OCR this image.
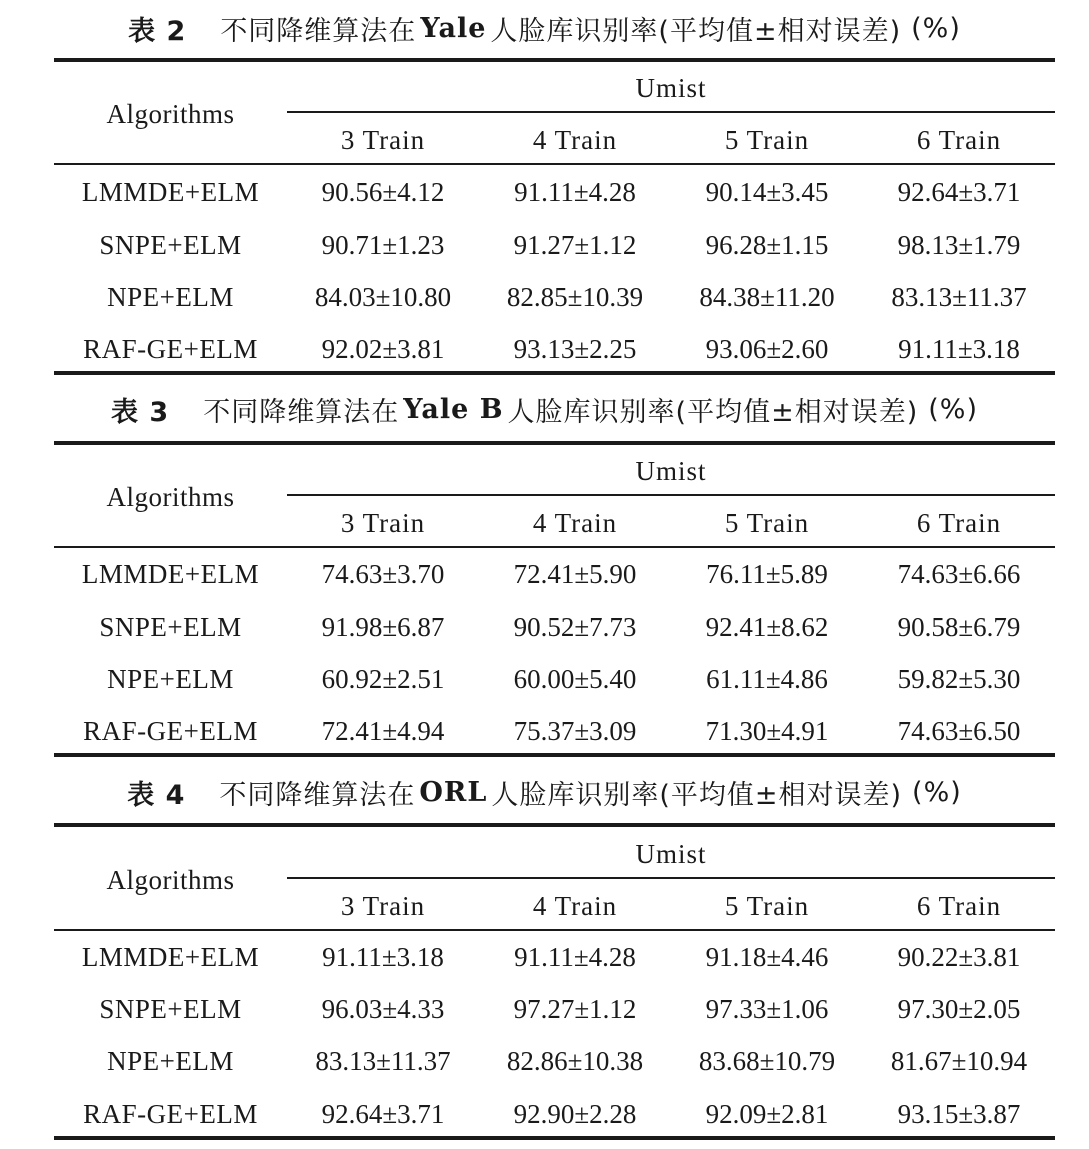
表 2 不同降维算法在 Yale 人脸库识别率(平均值±相对误差) (%)
Algorithms
Umist
3 Train	4 Train	5 Train	6 Train
LMMDE+ELM	90.56±4.12	91.11±4.28	90.14±3.45	92.64±3.71
SNPE+ELM	90.71±1.23	91.27±1.12	96.28±1.15	98.13±1.79
NPE+ELM	84.03±10.80	82.85±10.39	84.38±11.20	83.13±11.37
RAF-GE+ELM	92.02±3.81	93.13±2.25	93.06±2.60	91.11±3.18
表 3 不同降维算法在 Yale B 人脸库识别率(平均值±相对误差) (%)
Algorithms
Umist
3 Train	4 Train	5 Train	6 Train
LMMDE+ELM	74.63±3.70	72.41±5.90	76.11±5.89	74.63±6.66
SNPE+ELM	91.98±6.87	90.52±7.73	92.41±8.62	90.58±6.79
NPE+ELM	60.92±2.51	60.00±5.40	61.11±4.86	59.82±5.30
RAF-GE+ELM	72.41±4.94	75.37±3.09	71.30±4.91	74.63±6.50
表 4 不同降维算法在 ORL 人脸库识别率(平均值±相对误差) (%)
Algorithms
Umist
3 Train	4 Train	5 Train	6 Train
LMMDE+ELM	91.11±3.18	91.11±4.28	91.18±4.46	90.22±3.81
SNPE+ELM	96.03±4.33	97.27±1.12	97.33±1.06	97.30±2.05
NPE+ELM	83.13±11.37	82.86±10.38	83.68±10.79	81.67±10.94
RAF-GE+ELM	92.64±3.71	92.90±2.28	92.09±2.81	93.15±3.87
